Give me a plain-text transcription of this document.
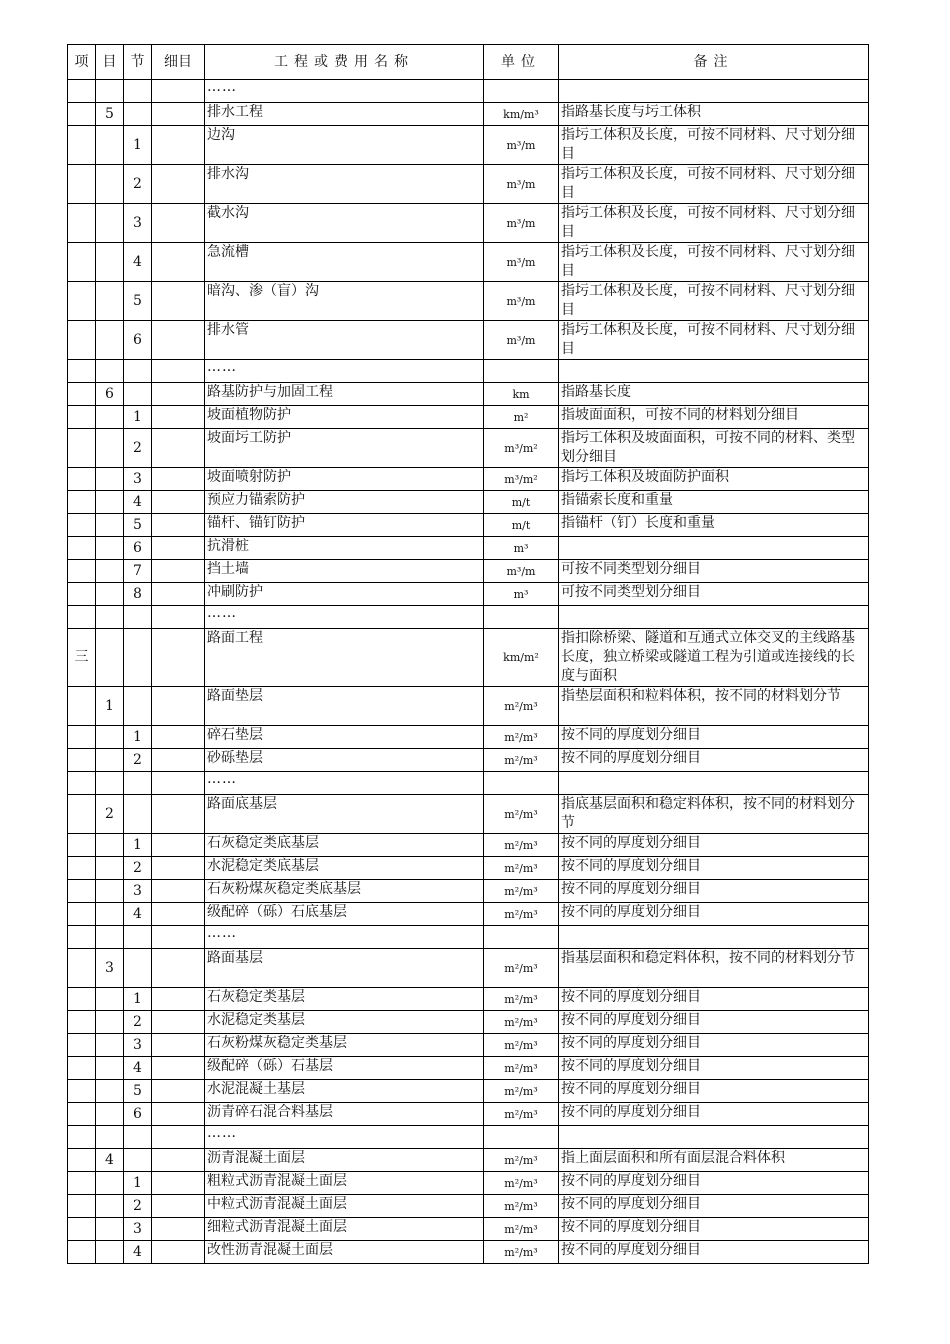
项	目	节	细目	工程或费用名称	单位	备注
				……		
	5			排水工程	km/m³	指路基长度与圬工体积
		1		边沟	m³/m	指圬工体积及长度，可按不同材料、尺寸划分细目
		2		排水沟	m³/m	指圬工体积及长度，可按不同材料、尺寸划分细目
		3		截水沟	m³/m	指圬工体积及长度，可按不同材料、尺寸划分细目
		4		急流槽	m³/m	指圬工体积及长度，可按不同材料、尺寸划分细目
		5		暗沟、渗（盲）沟	m³/m	指圬工体积及长度，可按不同材料、尺寸划分细目
		6		排水管	m³/m	指圬工体积及长度，可按不同材料、尺寸划分细目
				……		
	6			路基防护与加固工程	km	指路基长度
		1		坡面植物防护	m²	指坡面面积，可按不同的材料划分细目
		2		坡面圬工防护	m³/m²	指圬工体积及坡面面积，可按不同的材料、类型划分细目
		3		坡面喷射防护	m³/m²	指圬工体积及坡面防护面积
		4		预应力锚索防护	m/t	指锚索长度和重量
		5		锚杆、锚钉防护	m/t	指锚杆（钉）长度和重量
		6		抗滑桩	m³	
		7		挡土墙	m³/m	可按不同类型划分细目
		8		冲刷防护	m³	可按不同类型划分细目
				……		
三				路面工程	km/m²	指扣除桥梁、隧道和互通式立体交叉的主线路基长度，独立桥梁或隧道工程为引道或连接线的长度与面积
	1			路面垫层	m²/m³	指垫层面积和粒料体积，按不同的材料划分节
		1		碎石垫层	m²/m³	按不同的厚度划分细目
		2		砂砾垫层	m²/m³	按不同的厚度划分细目
				……		
	2			路面底基层	m²/m³	指底基层面积和稳定料体积，按不同的材料划分节
		1		石灰稳定类底基层	m²/m³	按不同的厚度划分细目
		2		水泥稳定类底基层	m²/m³	按不同的厚度划分细目
		3		石灰粉煤灰稳定类底基层	m²/m³	按不同的厚度划分细目
		4		级配碎（砾）石底基层	m²/m³	按不同的厚度划分细目
				……		
	3			路面基层	m²/m³	指基层面积和稳定料体积，按不同的材料划分节
		1		石灰稳定类基层	m²/m³	按不同的厚度划分细目
		2		水泥稳定类基层	m²/m³	按不同的厚度划分细目
		3		石灰粉煤灰稳定类基层	m²/m³	按不同的厚度划分细目
		4		级配碎（砾）石基层	m²/m³	按不同的厚度划分细目
		5		水泥混凝土基层	m²/m³	按不同的厚度划分细目
		6		沥青碎石混合料基层	m²/m³	按不同的厚度划分细目
				……		
	4			沥青混凝土面层	m²/m³	指上面层面积和所有面层混合料体积
		1		粗粒式沥青混凝土面层	m²/m³	按不同的厚度划分细目
		2		中粒式沥青混凝土面层	m²/m³	按不同的厚度划分细目
		3		细粒式沥青混凝土面层	m²/m³	按不同的厚度划分细目
		4		改性沥青混凝土面层	m²/m³	按不同的厚度划分细目
